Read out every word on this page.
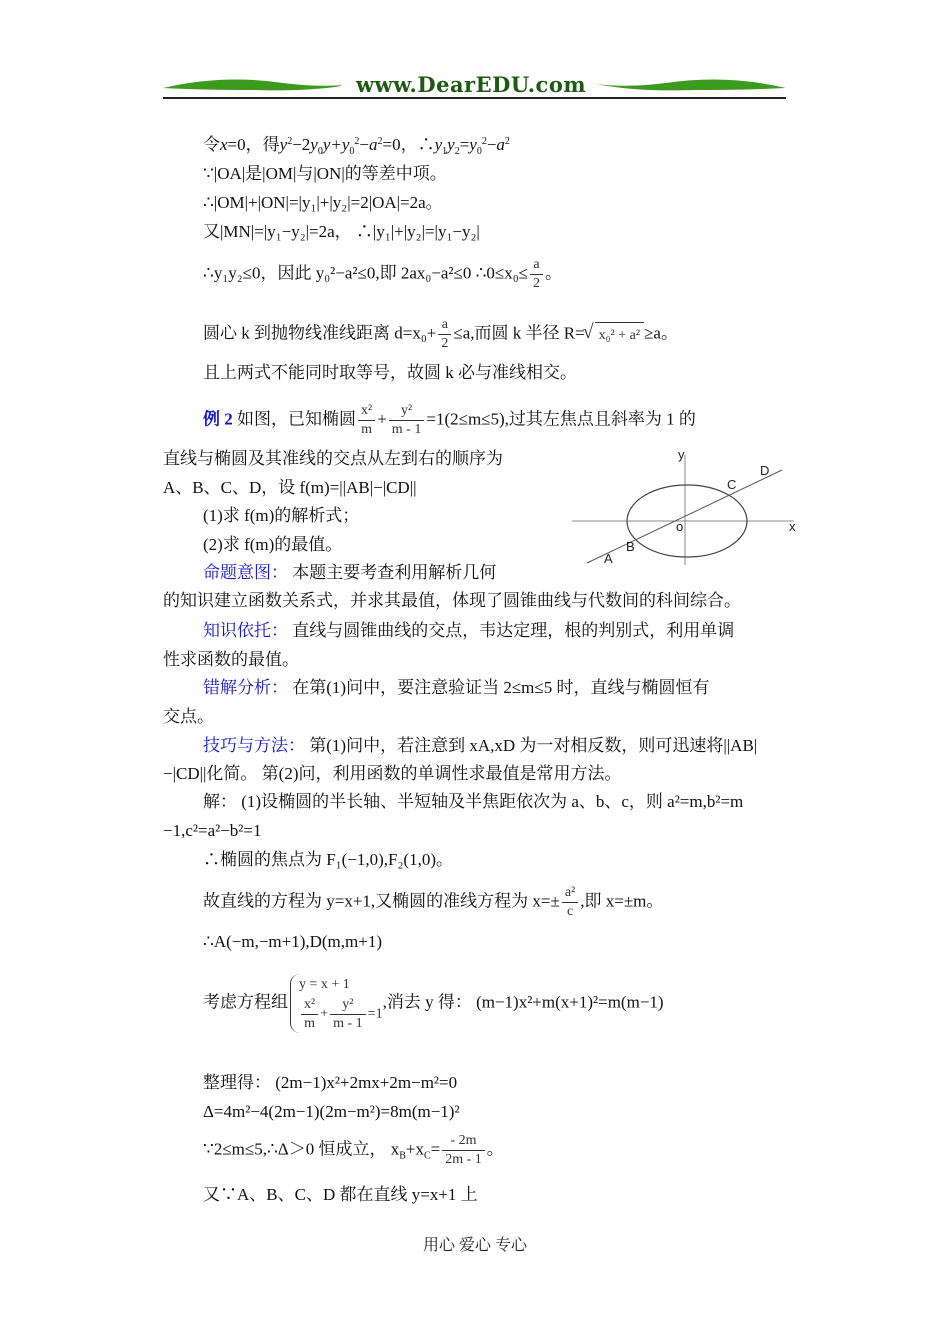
www.DearEDU.com
令x=0，得$y^2-2y_0y+y_0^2-a^2=0$，$\therefore y_1y_2=y_0^2-a^2$
∵|OA|是|OM|与|ON|的等差中项。
∴|OM|+|ON|=|y₁|+|y₂|=2|OA|=2a。
又|MN|=|y₁−y₂|=2a， ∴|y₁|+|y₂|=|y₁−y₂|
∴y₁y₂≤0，因此 y₀²−a²≤0,即 2ax₀−a²≤0 ∴0≤x₀≤ $\frac{a}{2}$ 。
圆心 k 到抛物线准线距离 $d=x_0+ \frac{a}{2} \le a$,而圆 k 半径 R=√ x₀² + a² ≥a。
且上两式不能同时取等号，故圆 k 必与准线相交。
例 2 如图，已知椭圆 $\frac{\text{x²}}{m} + \frac{\text{y²}}{m - 1} =1(2\le m\le 5)$,过其左焦点且斜率为 1 的
直线与椭圆及其准线的交点从左到右的顺序为
A、B、C、D，设 f(m)=||AB|−|CD||
(1)求 f(m)的解析式；
(2)求 f(m)的最值。
y
x
o
A
B
C
D
命题意图： 本题主要考查利用解析几何
的知识建立函数关系式，并求其最值，体现了圆锥曲线与代数间的科间综合。
知识依托： 直线与圆锥曲线的交点，韦达定理，根的判别式，利用单调
性求函数的最值。
错解分析： 在第(1)问中，要注意验证当 2≤m≤5 时，直线与椭圆恒有
交点。
技巧与方法： 第(1)问中，若注意到 xA,xD 为一对相反数，则可迅速将||AB|
−|CD||化简。 第(2)问，利用函数的单调性求最值是常用方法。
解： (1)设椭圆的半长轴、半短轴及半焦距依次为 a、b、c，则 a²=m,b²=m
−1,c²=a²−b²=1
∴椭圆的焦点为 F₁(−1,0),F₂(1,0)。
故直线的方程为 y=x+1,又椭圆的准线方程为 $x=\pm \frac{\text{a²}}{c}$ ,即 x=±m。
∴A(−m,−m+1),D(m,m+1)
考虑方程组
y = x + 1
$\frac{\text{x²}}{m} + \frac{\text{y²}}{m - 1} =1$
,消去 y 得： (m−1)x²+m(x+1)²=m(m−1)
整理得： (2m−1)x²+2mx+2m−m²=0
Δ=4m²−4(2m−1)(2m−m²)=8m(m−1)²
∵2≤m≤5,∴Δ＞0 恒成立， $x_B+x_C= \frac{- 2m}{2m - 1}$ 。
又∵A、B、C、D 都在直线 y=x+1 上
用心 爱心 专心
